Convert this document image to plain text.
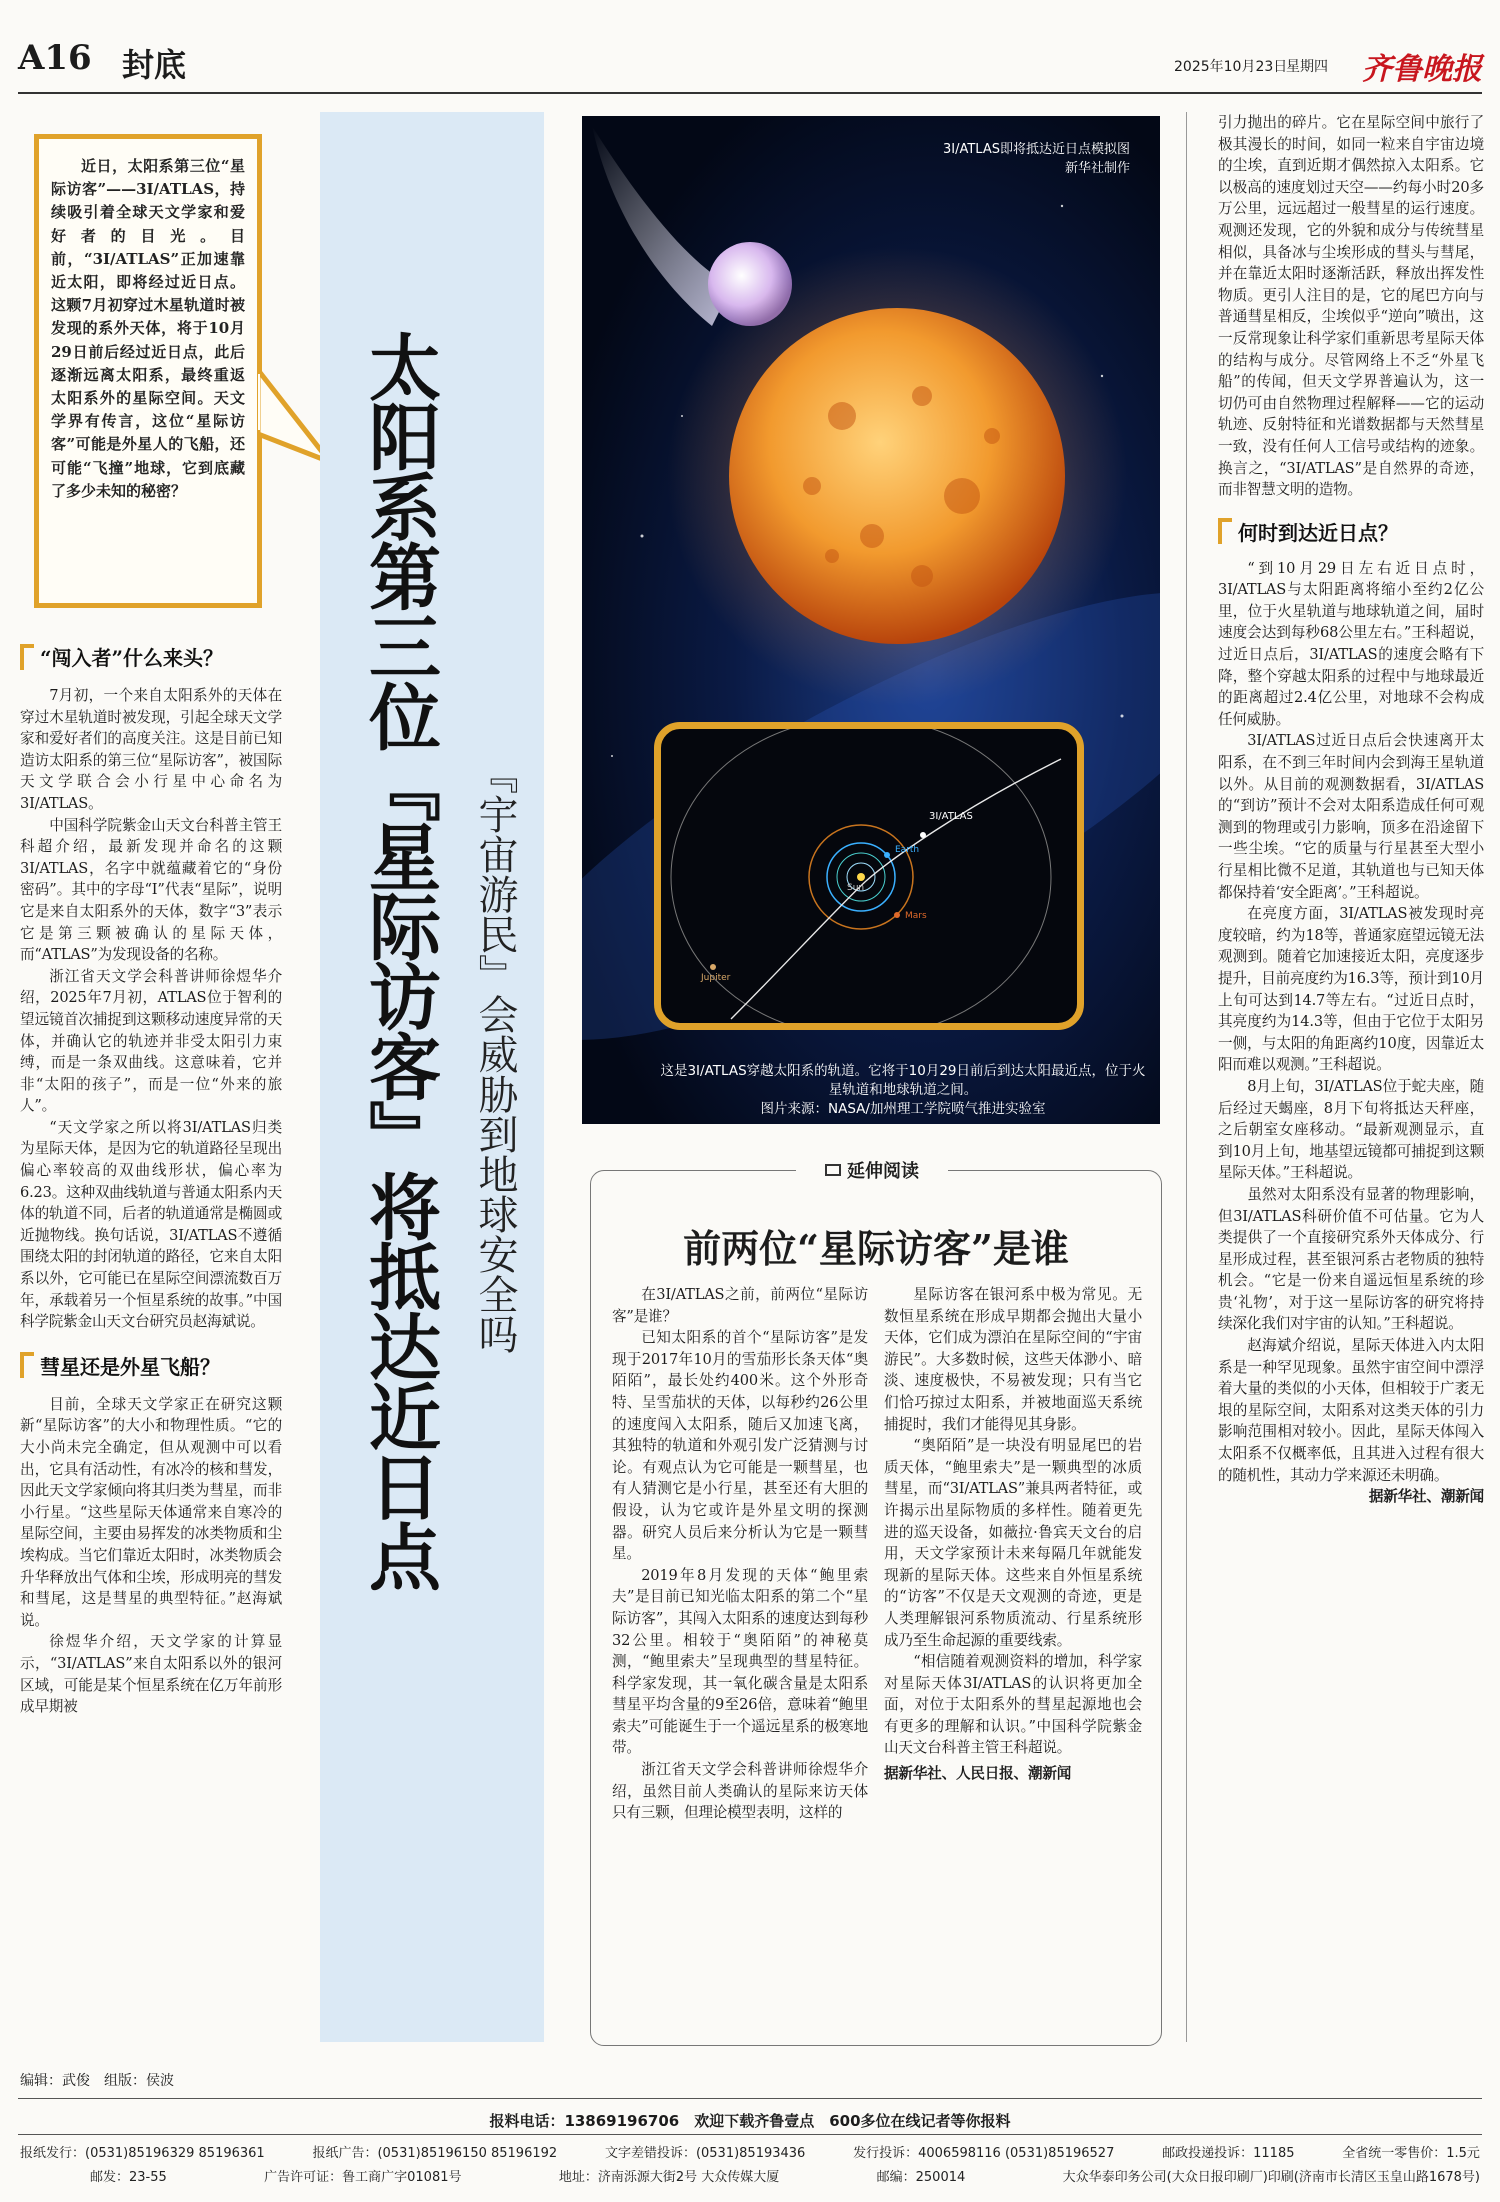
A16 封底	2025年10月23日
星期四 齐鲁晚报

近日，太阳系第三位“星际访客”——3I/ATLAS，持续吸引着全球天文学家和爱好者的目光。目前，“3I/ATLAS”正加速靠近太阳，即将经过近日点。这颗7月初穿过木星轨道时被发现的系外天体，将于10月29日前后经过近日点，此后逐渐远离太阳系，最终重返太阳系外的星际空间。天文学界有传言，这位“星际访客”可能是外星人的飞船，还可能“飞撞”地球，它到底藏了多少未知的秘密？	太阳系第三位『星际访客』将抵达近日点 『宇宙游民』会威胁到地球安全吗
“闯入者”什么来头？

7月初，一个来自太阳系外的天体在穿过木星轨道时被发现，引起全球天文学家和爱好者们的高度关注。这是目前已知造访太阳系的第三位“星际访客”，被国际天文学联合会小行星中心命名为3I/ATLAS。

中国科学院紫金山天文台科普主管王科超介绍，最新发现并命名的这颗3I/ATLAS，名字中就蕴藏着它的“身份密码”。其中的字母“I”代表“星际”，说明它是来自太阳系外的天体，数字“3”表示它是第三颗被确认的星际天体，而“ATLAS”为发现设备的名称。

浙江省天文学会科普讲师徐煜华介绍，2025年7月初，ATLAS位于智利的望远镜首次捕捉到这颗移动速度异常的天体，并确认它的轨迹并非受太阳引力束缚，而是一条双曲线。这意味着，它并非“太阳的孩子”，而是一位“外来的旅人”。

“天文学家之所以将3I/ATLAS归类为星际天体，是因为它的轨道路径呈现出偏心率较高的双曲线形状，偏心率为6.23。这种双曲线轨道与普通太阳系内天体的轨道不同，后者的轨道通常是椭圆或近抛物线。换句话说，3I/ATLAS不遵循围绕太阳的封闭轨道的路径，它来自太阳系以外，它可能已在星际空间漂流数百万年，承载着另一个恒星系统的故事。”中国科学院紫金山天文台研究员赵海斌说。

彗星还是外星飞船？

目前，全球天文学家正在研究这颗新“星际访客”的大小和物理性质。“它的大小尚未完全确定，但从观测中可以看出，它具有活动性，有冰冷的核和彗发，因此天文学家倾向将其归类为彗星，而非小行星。“这些星际天体通常来自寒冷的星际空间，主要由易挥发的冰类物质和尘埃构成。当它们靠近太阳时，冰类物质会升华释放出气体和尘埃，形成明亮的彗发和彗尾，这是彗星的典型特征。”赵海斌说。

徐煜华介绍，天文学家的计算显示，“3I/ATLAS”来自太阳系以外的银河区域，可能是某个恒星系统在亿万年前形成早期被

3I/ATLAS即将抵达近日点模拟图
新华社制作
3I/ATLAS
Earth
Mars
Sun
Jupiter
这是3I/ATLAS穿越太阳系的轨道。它将于10月29日前后到达太阳最近点，位于火星轨道和地球轨道之间。
图片来源：NASA/加州理工学院喷气推进实验室
延伸阅读
前两位“星际访客”是谁

在3I/ATLAS之前，前两位“星际访客”是谁？

已知太阳系的首个“星际访客”是发现于2017年10月的雪茄形长条天体“奥陌陌”，最长处约400米。这个外形奇特、呈雪茄状的天体，以每秒约26公里的速度闯入太阳系，随后又加速飞离，其独特的轨道和外观引发广泛猜测与讨论。有观点认为它可能是一颗彗星，也有人猜测它是小行星，甚至还有大胆的假设，认为它或许是外星文明的探测器。研究人员后来分析认为它是一颗彗星。

2019年8月发现的天体“鲍里索夫”是目前已知光临太阳系的第二个“星际访客”，其闯入太阳系的速度达到每秒32公里。相较于“奥陌陌”的神秘莫测，“鲍里索夫”呈现典型的彗星特征。科学家发现，其一氧化碳含量是太阳系彗星平均含量的9至26倍，意味着“鲍里索夫”可能诞生于一个遥远星系的极寒地带。

浙江省天文学会科普讲师徐煜华介绍，虽然目前人类确认的星际来访天体只有三颗，但理论模型表明，这样的

星际访客在银河系中极为常见。无数恒星系统在形成早期都会抛出大量小天体，它们成为漂泊在星际空间的“宇宙游民”。大多数时候，这些天体渺小、暗淡、速度极快，不易被发现；只有当它们恰巧掠过太阳系，并被地面巡天系统捕捉时，我们才能得见其身影。

“奥陌陌”是一块没有明显尾巴的岩质天体，“鲍里索夫”是一颗典型的冰质彗星，而“3I/ATLAS”兼具两者特征，或许揭示出星际物质的多样性。随着更先进的巡天设备，如薇拉·鲁宾天文台的启用，天文学家预计未来每隔几年就能发现新的星际天体。这些来自外恒星系统的“访客”不仅是天文观测的奇迹，更是人类理解银河系物质流动、行星系统形成乃至生命起源的重要线索。

“相信随着观测资料的增加，科学家对星际天体3I/ATLAS的认识将更加全面，对位于太阳系外的彗星起源地也会有更多的理解和认识。”中国科学院紫金山天文台科普主管王科超说。

据新华社、人民日报、潮新闻

引力抛出的碎片。它在星际空间中旅行了极其漫长的时间，如同一粒来自宇宙边境的尘埃，直到近期才偶然掠入太阳系。它以极高的速度划过天空——约每小时20多万公里，远远超过一般彗星的运行速度。观测还发现，它的外貌和成分与传统彗星相似，具备冰与尘埃形成的彗头与彗尾，并在靠近太阳时逐渐活跃，释放出挥发性物质。更引人注目的是，它的尾巴方向与普通彗星相反，尘埃似乎“逆向”喷出，这一反常现象让科学家们重新思考星际天体的结构与成分。尽管网络上不乏“外星飞船”的传闻，但天文学界普遍认为，这一切仍可由自然物理过程解释——它的运动轨迹、反射特征和光谱数据都与天然彗星一致，没有任何人工信号或结构的迹象。换言之，“3I/ATLAS”是自然界的奇迹，而非智慧文明的造物。

何时到达近日点？

“到10月29日左右近日点时，3I/ATLAS与太阳距离将缩小至约2亿公里，位于火星轨道与地球轨道之间，届时速度会达到每秒68公里左右。”王科超说，过近日点后，3I/ATLAS的速度会略有下降，整个穿越太阳系的过程中与地球最近的距离超过2.4亿公里，对地球不会构成任何威胁。

3I/ATLAS过近日点后会快速离开太阳系，在不到三年时间内会到海王星轨道以外。从目前的观测数据看，3I/ATLAS的“到访”预计不会对太阳系造成任何可观测到的物理或引力影响，顶多在沿途留下一些尘埃。“它的质量与行星甚至大型小行星相比微不足道，其轨道也与已知天体都保持着‘安全距离’。”王科超说。

在亮度方面，3I/ATLAS被发现时亮度较暗，约为18等，普通家庭望远镜无法观测到。随着它加速接近太阳，亮度逐步提升，目前亮度约为16.3等，预计到10月上旬可达到14.7等左右。“过近日点时，其亮度约为14.3等，但由于它位于太阳另一侧，与太阳的角距离约10度，因靠近太阳而难以观测。”王科超说。

8月上旬，3I/ATLAS位于蛇夫座，随后经过天蝎座，8月下旬将抵达天秤座，之后朝室女座移动。“最新观测显示，直到10月上旬，地基望远镜都可捕捉到这颗星际天体。”王科超说。

虽然对太阳系没有显著的物理影响，但3I/ATLAS科研价值不可估量。它为人类提供了一个直接研究系外天体成分、行星形成过程，甚至银河系古老物质的独特机会。“它是一份来自遥远恒星系统的珍贵‘礼物’，对于这一星际访客的研究将持续深化我们对宇宙的认知。”王科超说。

赵海斌介绍说，星际天体进入内太阳系是一种罕见现象。虽然宇宙空间中漂浮着大量的类似的小天体，但相较于广袤无垠的星际空间，太阳系对这类天体的引力影响范围相对较小。因此，星际天体闯入太阳系不仅概率低，且其进入过程有很大的随机性，其动力学来源还未明确。

据新华社、潮新闻

编辑：武俊　组版：侯波
报料电话：13869196706　欢迎下载齐鲁壹点　600多位在线记者等你报料
报纸发行：(0531)85196329 85196361	报纸广告：(0531)85196150 85196192	文字差错投诉：(0531)85193436	发行投诉：4006598116 (0531)85196527	邮政投递投诉：11185	全省统一零售价：1.5元
邮发：23-55	广告许可证：鲁工商广字01081号	地址：济南泺源大街2号 大众传媒大厦	邮编：250014	大众华泰印务公司(大众日报印刷厂)印刷(济南市长清区玉皇山路1678号)
